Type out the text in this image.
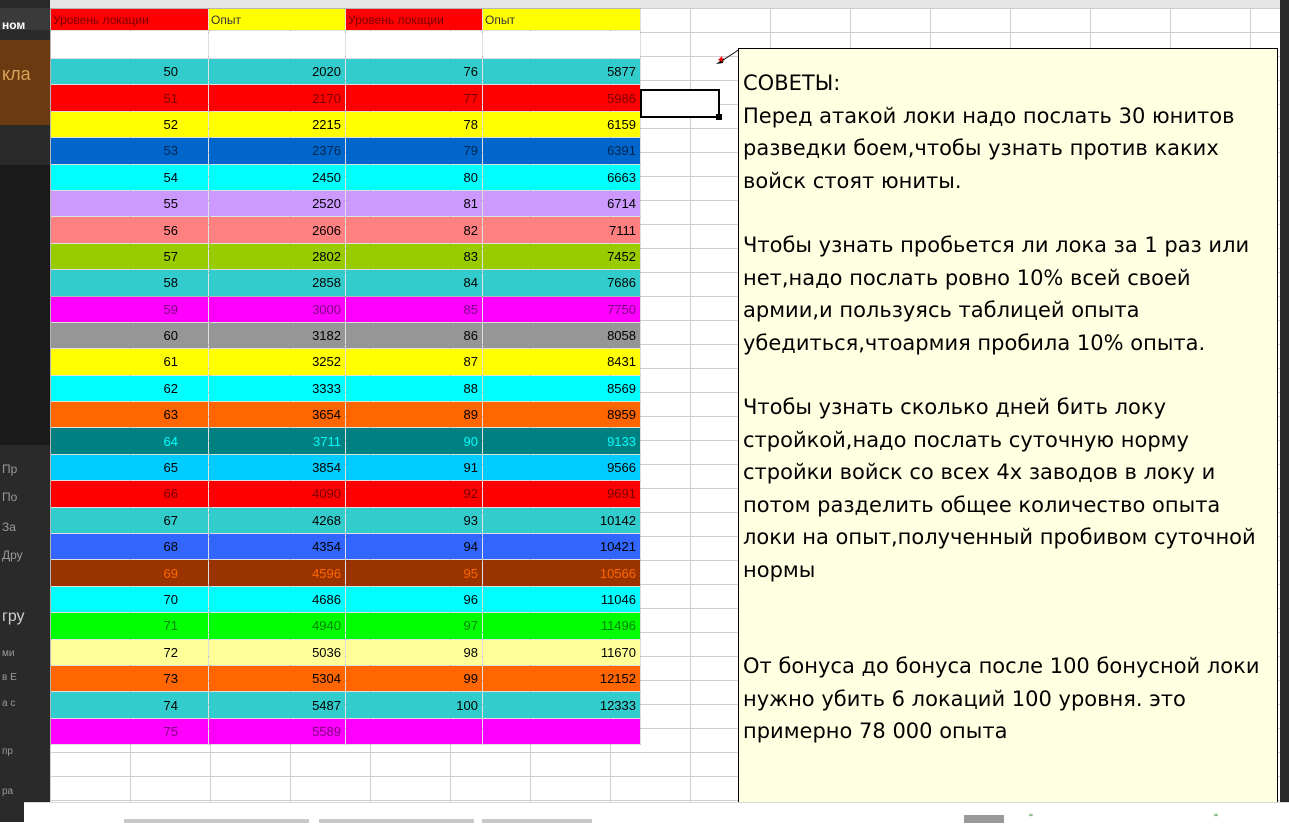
ном
кла
Пр
По
За
Дру
гру
ми
в Е
а с
пр
ра
Уровень локации	Опыт	Уровень локации	Опыт

50	2020	76	5877
51	2170	77	5986
52	2215	78	6159
53	2376	79	6391
54	2450	80	6663
55	2520	81	6714
56	2606	82	7111
57	2802	83	7452
58	2858	84	7686
59	3000	85	7750
60	3182	86	8058
61	3252	87	8431
62	3333	88	8569
63	3654	89	8959
64	3711	90	9133
65	3854	91	9566
66	4090	92	9691
67	4268	93	10142
68	4354	94	10421
69	4596	95	10566
70	4686	96	11046
71	4940	97	11496
72	5036	98	11670
73	5304	99	12152
74	5487	100	12333
75	5589		

СОВЕТЫ:

Перед атакой локи надо послать 30 юнитов разведки боем,чтобы узнать против каких войск стоят юниты.

Чтобы узнать пробьется ли лока за 1 раз или нет,надо послать ровно 10% всей своей армии,и пользуясь таблицей опыта убедиться,чтоармия пробила 10% опыта.

Чтобы узнать сколько дней бить локу стройкой,надо послать суточную норму стройки войск со всех 4х заводов в локу и потом разделить общее количество опыта локи на опыт,полученный пробивом суточной нормы

От бонуса до бонуса после 100 бонусной локи нужно убить 6 локаций 100 уровня. это примерно 78 000 опыта

“	“
